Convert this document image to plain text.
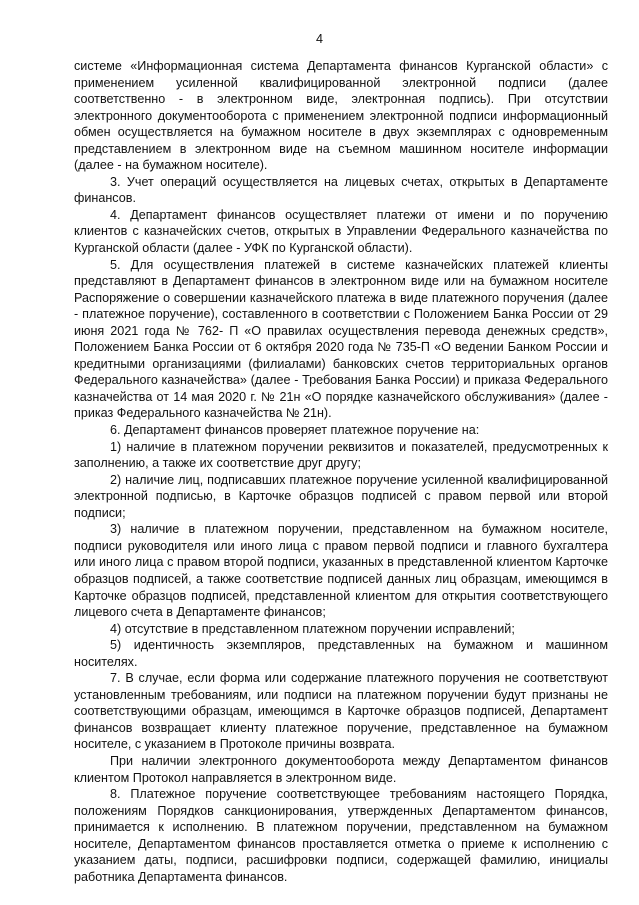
4

системе «Информационная система Департамента финансов Курганской области» с применением усиленной квалифицированной электронной подписи (далее соответственно - в электронном виде, электронная подпись). При отсутствии электронного документооборота с применением электронной подписи информационный обмен осуществляется на бумажном носителе в двух экземплярах с одновременным представлением в электронном виде на съемном машинном носителе информации (далее - на бумажном носителе).

3. Учет операций осуществляется на лицевых счетах, открытых в Департаменте финансов.

4. Департамент финансов осуществляет платежи от имени и по поручению клиентов с казначейских счетов, открытых в Управлении Федерального казначейства по Курганской области (далее - УФК по Курганской области).

5. Для осуществления платежей в системе казначейских платежей клиенты представляют в Департамент финансов в электронном виде или на бумажном носителе Распоряжение о совершении казначейского платежа в виде платежного поручения (далее - платежное поручение), составленного в соответствии с Положением Банка России от 29 июня 2021 года № 762- П «О правилах осуществления перевода денежных средств», Положением Банка России от 6 октября 2020 года № 735-П «О ведении Банком России и кредитными организациями (филиалами) банковских счетов территориальных органов Федерального казначейства» (далее - Требования Банка России) и приказа Федерального казначейства от 14 мая 2020 г. № 21н «О порядке казначейского обслуживания» (далее - приказ Федерального казначейства № 21н).

6. Департамент финансов проверяет платежное поручение на:

1) наличие в платежном поручении реквизитов и показателей, предусмотренных к заполнению, а также их соответствие друг другу;

2) наличие лиц, подписавших платежное поручение усиленной квалифицированной электронной подписью, в Карточке образцов подписей с правом первой или второй подписи;

3) наличие в платежном поручении, представленном на бумажном носителе, подписи руководителя или иного лица с правом первой подписи и главного бухгалтера или иного лица с правом второй подписи, указанных в представленной клиентом Карточке образцов подписей, а также соответствие подписей данных лиц образцам, имеющимся в Карточке образцов подписей, представленной клиентом для открытия соответствующего лицевого счета в Департаменте финансов;

4) отсутствие в представленном платежном поручении исправлений;

5) идентичность экземпляров, представленных на бумажном и машинном носителях.

7. В случае, если форма или содержание платежного поручения не соответствуют установленным требованиям, или подписи на платежном поручении будут признаны не соответствующими образцам, имеющимся в Карточке образцов подписей, Департамент финансов возвращает клиенту платежное поручение, представленное на бумажном носителе, с указанием в Протоколе причины возврата.

При наличии электронного документооборота между Департаментом финансов клиентом Протокол направляется в электронном виде.

8. Платежное поручение соответствующее требованиям настоящего Порядка, положениям Порядков санкционирования, утвержденных Департаментом финансов, принимается к исполнению. В платежном поручении, представленном на бумажном носителе, Департаментом финансов проставляется отметка о приеме к исполнению с указанием даты, подписи, расшифровки подписи, содержащей фамилию, инициалы работника Департамента финансов.
